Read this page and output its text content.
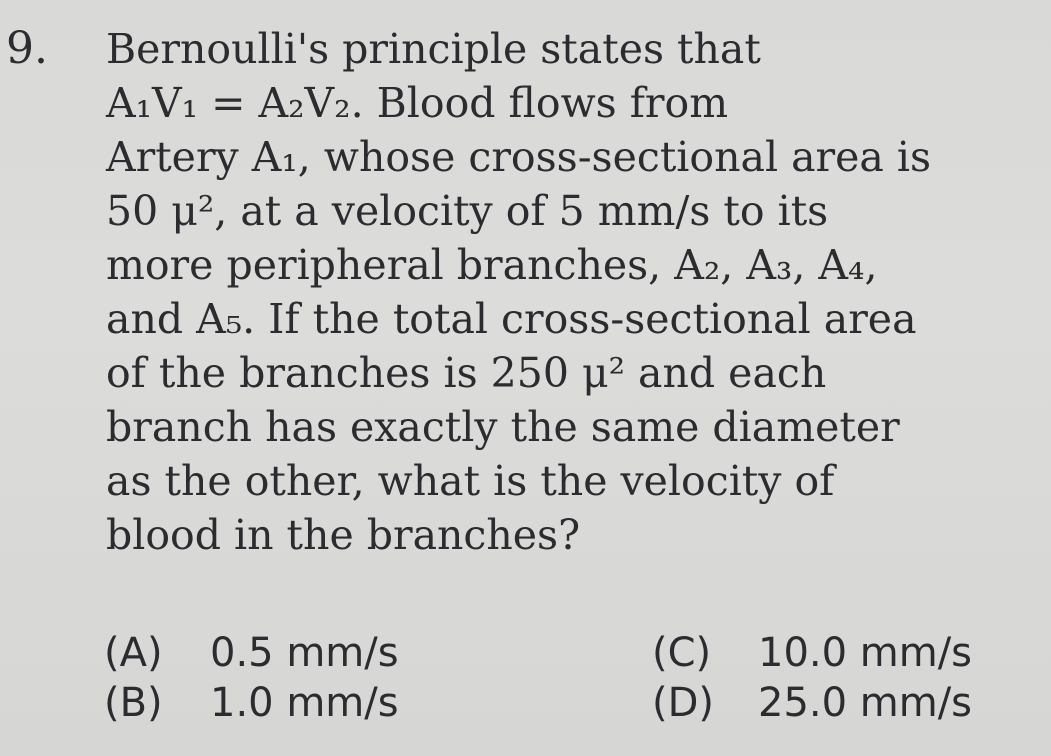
9. Bernoulli's principle states that
A₁V₁ = A₂V₂. Blood flows from
Artery A₁, whose cross-sectional area is
50 μ², at a velocity of 5 mm/s to its
more peripheral branches, A₂, A₃, A₄,
and A₅. If the total cross-sectional area
of the branches is 250 μ² and each
branch has exactly the same diameter
as the other, what is the velocity of
blood in the branches?
(A) 0.5 mm/s
(B) 1.0 mm/s
(C) 10.0 mm/s
(D) 25.0 mm/s
